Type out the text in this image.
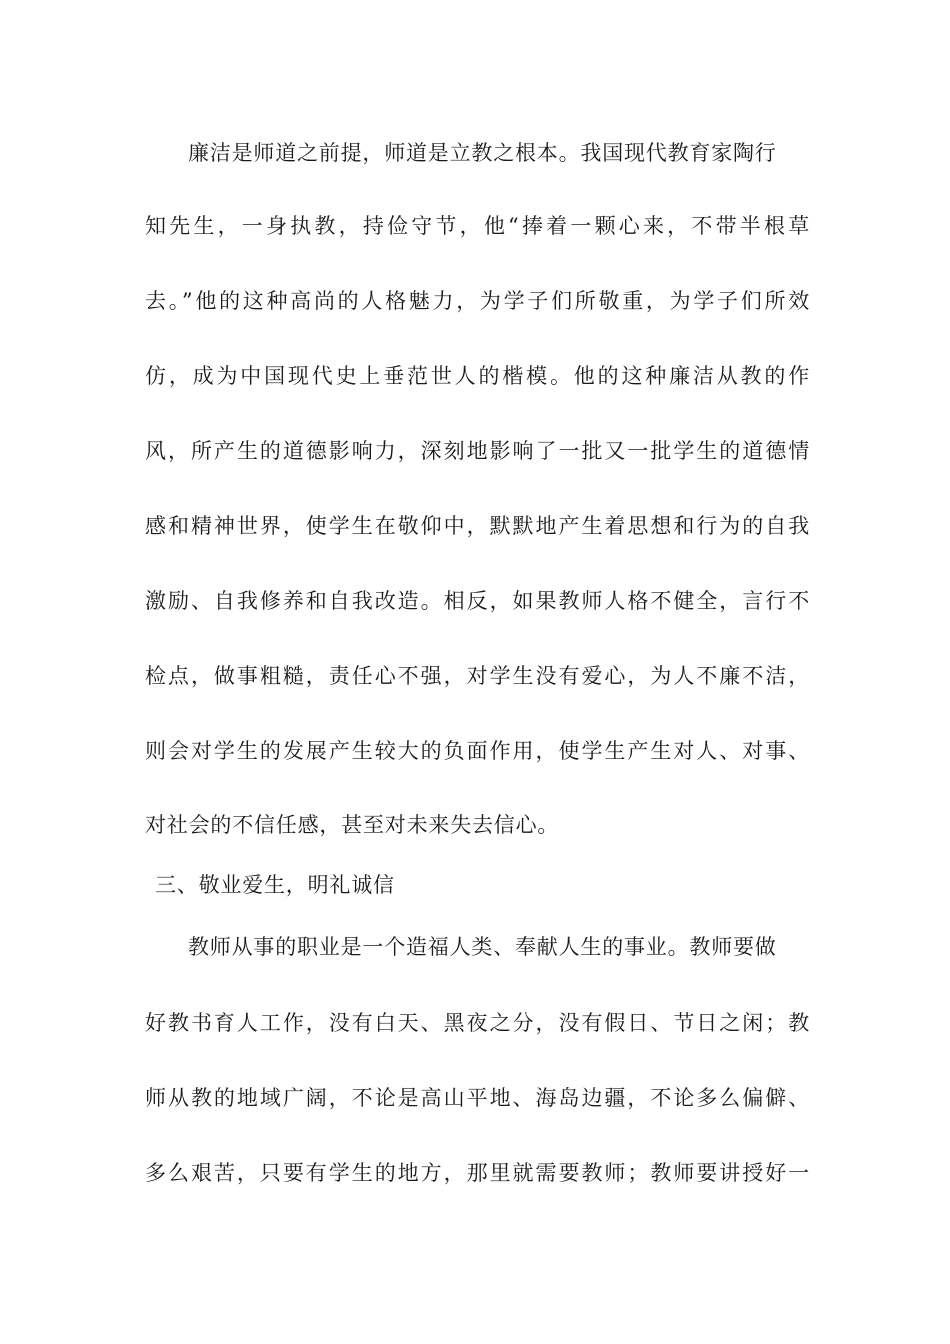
廉洁是师道之前提，师道是立教之根本。我国现代教育家陶行
知先生，一身执教，持俭守节，他“捧着一颗心来，不带半根草
去。”他的这种高尚的人格魅力，为学子们所敬重，为学子们所效
仿，成为中国现代史上垂范世人的楷模。他的这种廉洁从教的作
风，所产生的道德影响力，深刻地影响了一批又一批学生的道德情
感和精神世界，使学生在敬仰中，默默地产生着思想和行为的自我
激励、自我修养和自我改造。相反，如果教师人格不健全，言行不
检点，做事粗糙，责任心不强，对学生没有爱心，为人不廉不洁，
则会对学生的发展产生较大的负面作用，使学生产生对人、对事、
对社会的不信任感，甚至对未来失去信心。
三、敬业爱生，明礼诚信
教师从事的职业是一个造福人类、奉献人生的事业。教师要做
好教书育人工作，没有白天、黑夜之分，没有假日、节日之闲；教
师从教的地域广阔，不论是高山平地、海岛边疆，不论多么偏僻、
多么艰苦，只要有学生的地方，那里就需要教师；教师要讲授好一
